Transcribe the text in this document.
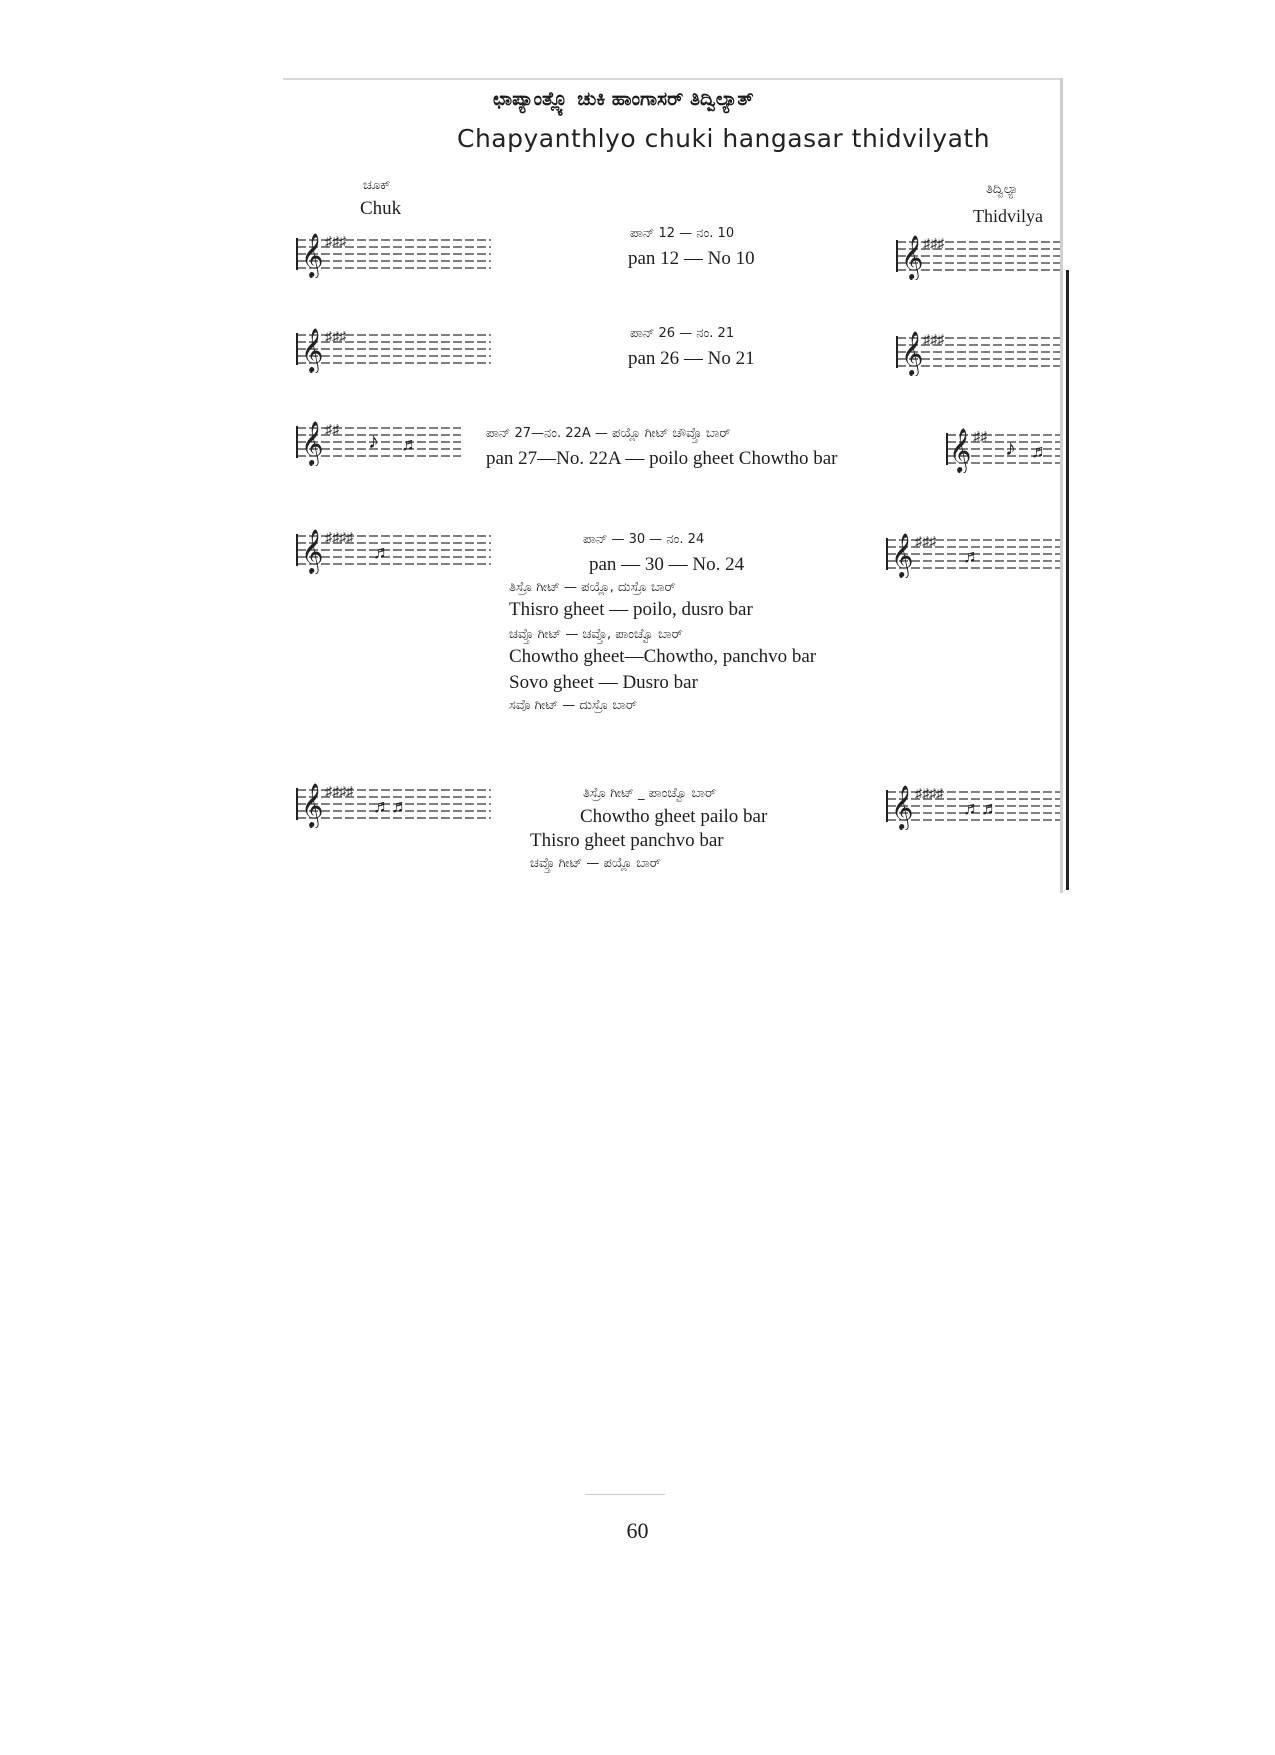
ಛಾಪ್ಯಾಂತ್ಲ್ಯೊ ಚುಕಿ ಹಾಂಗಾಸರ್ ತಿದ್ವಿಲ್ಯಾತ್
Chapyanthlyo chuki hangasar thidvilyath
ಚೂಕ್
Chuk
ತಿದ್ವಿಲ್ಯಾ
Thidvilya
𝄞 ♯♯♯
ಪಾನ್ 12 — ನಂ. 10
pan 12 — No 10	𝄞 ♯♯♯
𝄞 ♯♯♯	ಪಾನ್ 26 — ನಂ. 21
pan 26 — No 21	𝄞 ♯♯♯
𝄞 ♯♯ ♪ ♬
ಪಾನ್ 27—ನಂ. 22A — ಪಯ್ಲೊ ಗೀಟ್ ಚೌವ್ತೊ ಬಾರ್
pan 27—No. 22A — poilo gheet Chowtho bar	𝄞 ♯♯ ♪ ♬
𝄞 ♯♯♯♯
♬
ಪಾನ್ — 30 — ನಂ. 24
pan — 30 — No. 24
ತಿಸ್ರೊ ಗೀಟ್ — ಪಯ್ಲೊ, ದುಸ್ರೊ ಬಾರ್
Thisro gheet — poilo, dusro bar
ಚವ್ತೊ ಗೀಟ್ — ಚವ್ತೊ, ಪಾಂಚ್ವೊ ಬಾರ್
Chowtho gheet—Chowtho, panchvo bar
Sovo gheet — Dusro bar
ಸವೊ ಗೀಟ್ — ದುಸ್ರೊ ಬಾರ್
𝄞 ♯♯♯
♬
𝄞 ♯♯♯♯
♬♬
ತಿಸ್ರೊ ಗೀಟ್ _ ಪಾಂಚ್ವೊ ಬಾರ್
Chowtho gheet pailo bar
Thisro gheet panchvo bar
ಚವ್ತೊ ಗೀಟ್ — ಪಯ್ಲೊ ಬಾರ್
𝄞 ♯♯♯♯
♬♬
60
